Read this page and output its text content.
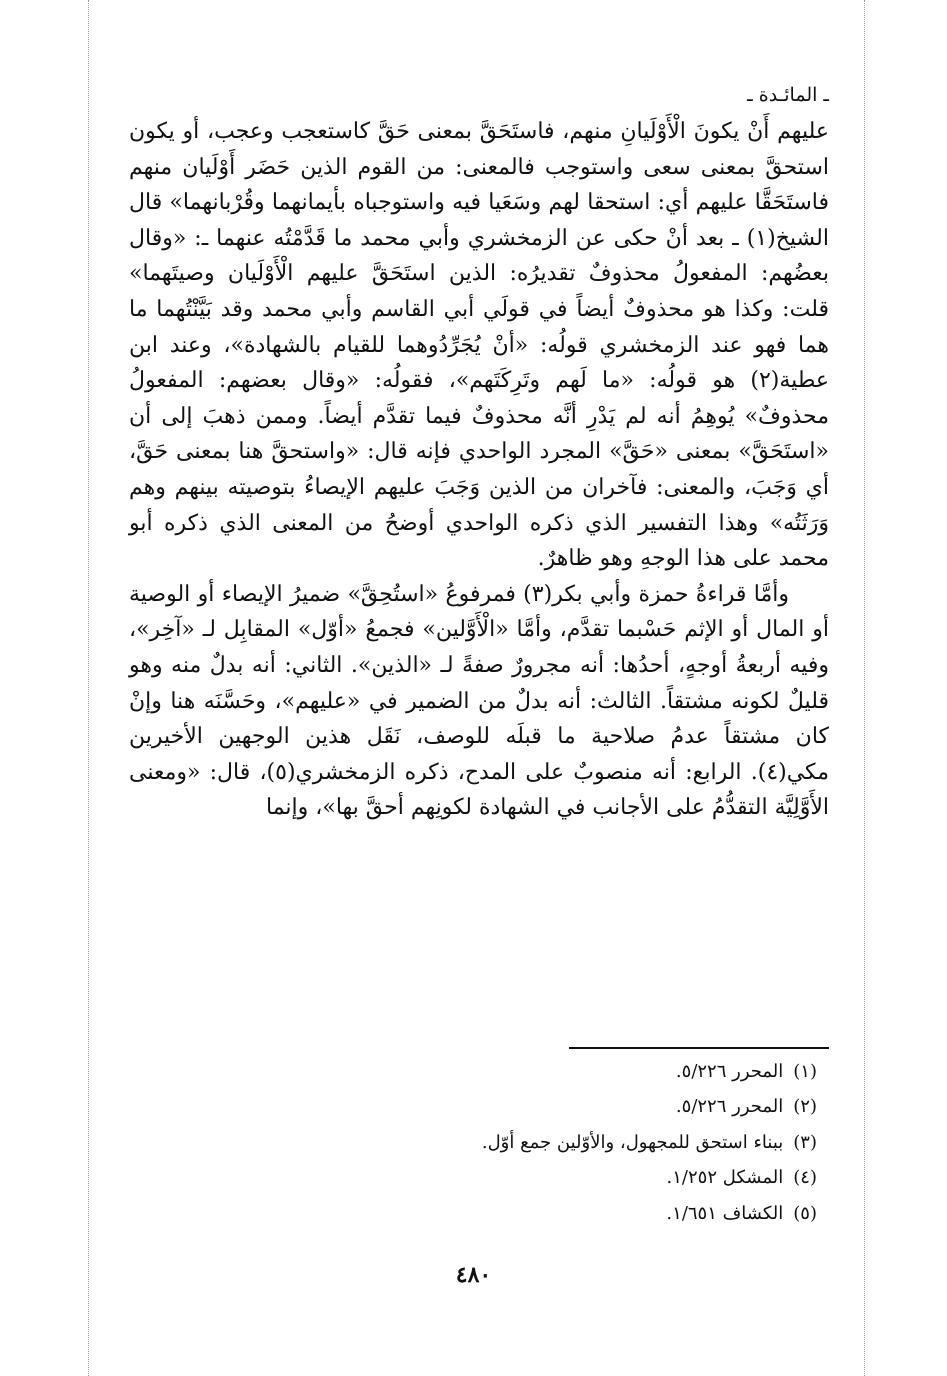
ـ المائـدة ـ

عليهم أَنْ يكونَ الْأَوْلَيانِ منهم، فاستَحَقَّ بمعنى حَقَّ كاستعجب وعجب، أو يكون استحقَّ بمعنى سعى واستوجب فالمعنى: من القوم الذين حَضَر أَوْلَيان منهم فاستَحَقَّا عليهم أي: استحقا لهم وسَعَيا فيه واستوجباه بأيمانهما وقُرْبانهما» قال الشيخ(١) ـ بعد أنْ حكى عن الزمخشري وأبي محمد ما قَدَّمْتُه عنهما ـ: «وقال بعضُهم: المفعولُ محذوفٌ تقديرُه: الذين استَحَقَّ عليهم الْأَوْلَيان وصيتَهما» قلت: وكذا هو محذوفٌ أيضاً في قولَي أبي القاسم وأبي محمد وقد بَيَّنْتُهما ما هما فهو عند الزمخشري قولُه: «أنْ يُجَرِّدُوهما للقيام بالشهادة»، وعند ابن عطية(٢) هو قولُه: «ما لَهم وتَرِكَتَهم»، فقولُه: «وقال بعضهم: المفعولُ محذوفٌ» يُوهِمُ أنه لم يَدْرِ أنَّه محذوفٌ فيما تقدَّم أيضاً. وممن ذهبَ إلى أن «استَحَقَّ» بمعنى «حَقَّ» المجرد الواحدي فإنه قال: «واستحقَّ هنا بمعنى حَقَّ، أي وَجَبَ، والمعنى: فآخران من الذين وَجَبَ عليهم الإيصاءُ بتوصيته بينهم وهم وَرَثَتُه» وهذا التفسير الذي ذكره الواحدي أوضحُ من المعنى الذي ذكره أبو محمد على هذا الوجهِ وهو ظاهرٌ.

وأمَّا قراءةُ حمزة وأبي بكر(٣) فمرفوعُ «استُحِقَّ» ضميرُ الإيصاء أو الوصية أو المال أو الإثم حَسْبما تقدَّم، وأمَّا «الْأَوَّلين» فجمعُ «أوّل» المقابِل لـ «آخِر»، وفيه أربعةُ أوجهٍ، أحدُها: أنه مجرورٌ صفةً لـ «الذين». الثاني: أنه بدلٌ منه وهو قليلٌ لكونه مشتقاً. الثالث: أنه بدلٌ من الضمير في «عليهم»، وحَسَّنَه هنا وإنْ كان مشتقاً عدمُ صلاحية ما قبلَه للوصف، نَقَل هذين الوجهين الأخيرين مكي(٤). الرابع: أنه منصوبٌ على المدح، ذكره الزمخشري(٥)، قال: «ومعنى الأَوَّلِيَّة التقدُّمُ على الأجانب في الشهادة لكونِهم أحقَّ بها»، وإنما

(١)
المحرر ٥/٢٢٦.
(٢)
المحرر ٥/٢٢٦.
(٣)
ببناء استحق للمجهول، والأوّلين جمع أوّل.
(٤)
المشكل ١/٢٥٢.
(٥)
الكشاف ١/٦٥١.
٤٨٠
